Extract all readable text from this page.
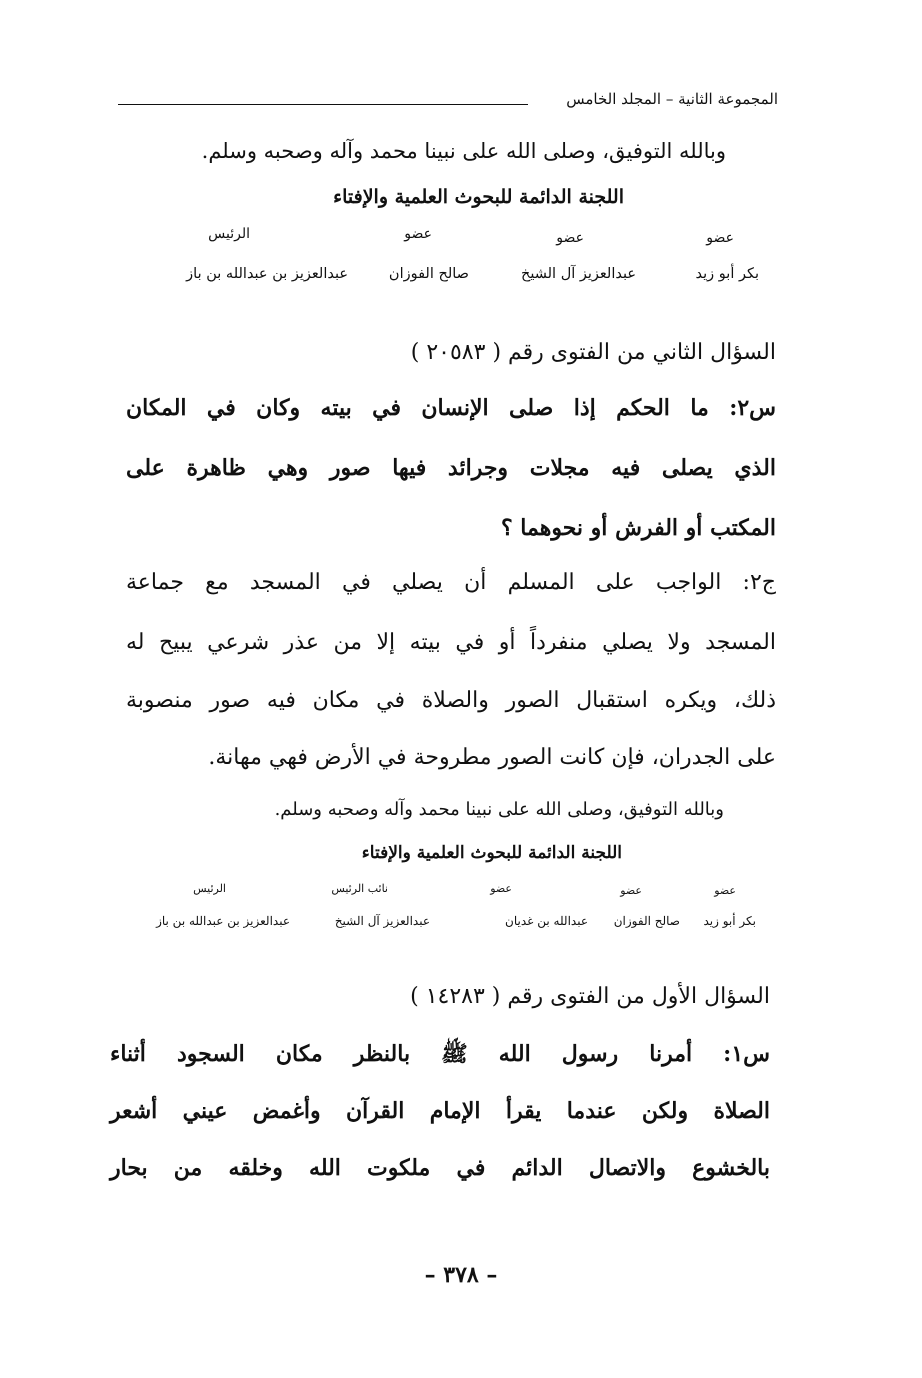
المجموعة الثانية – المجلد الخامس
وبالله التوفيق، وصلى الله على نبينا محمد وآله وصحبه وسلم.
اللجنة الدائمة للبحوث العلمية والإفتاء
عضو
عضو
عضو
الرئيس
بكر أبو زيد
عبدالعزيز آل الشيخ
صالح الفوزان
عبدالعزيز بن عبدالله بن باز
السؤال الثاني من الفتوى رقم ( ٢٠٥٨٣ )
س٢: ما الحكم إذا صلى الإنسان في بيته وكان في المكان
الذي يصلى فيه مجلات وجرائد فيها صور وهي ظاهرة على
المكتب أو الفرش أو نحوهما ؟
ج٢: الواجب على المسلم أن يصلي في المسجد مع جماعة
المسجد ولا يصلي منفرداً أو في بيته إلا من عذر شرعي يبيح له
ذلك، ويكره استقبال الصور والصلاة في مكان فيه صور منصوبة
على الجدران، فإن كانت الصور مطروحة في الأرض فهي مهانة.
وبالله التوفيق، وصلى الله على نبينا محمد وآله وصحبه وسلم.
اللجنة الدائمة للبحوث العلمية والإفتاء
عضو
عضو
عضو
نائب الرئيس
الرئيس
بكر أبو زيد
صالح الفوزان
عبدالله بن غديان
عبدالعزيز آل الشيخ
عبدالعزيز بن عبدالله بن باز
السؤال الأول من الفتوى رقم ( ١٤٢٨٣ )
س١: أمرنا رسول الله ﷺ بالنظر مكان السجود أثناء
الصلاة ولكن عندما يقرأ الإمام القرآن وأغمض عيني أشعر
بالخشوع والاتصال الدائم في ملكوت الله وخلقه من بحار
– ٣٧٨ –
